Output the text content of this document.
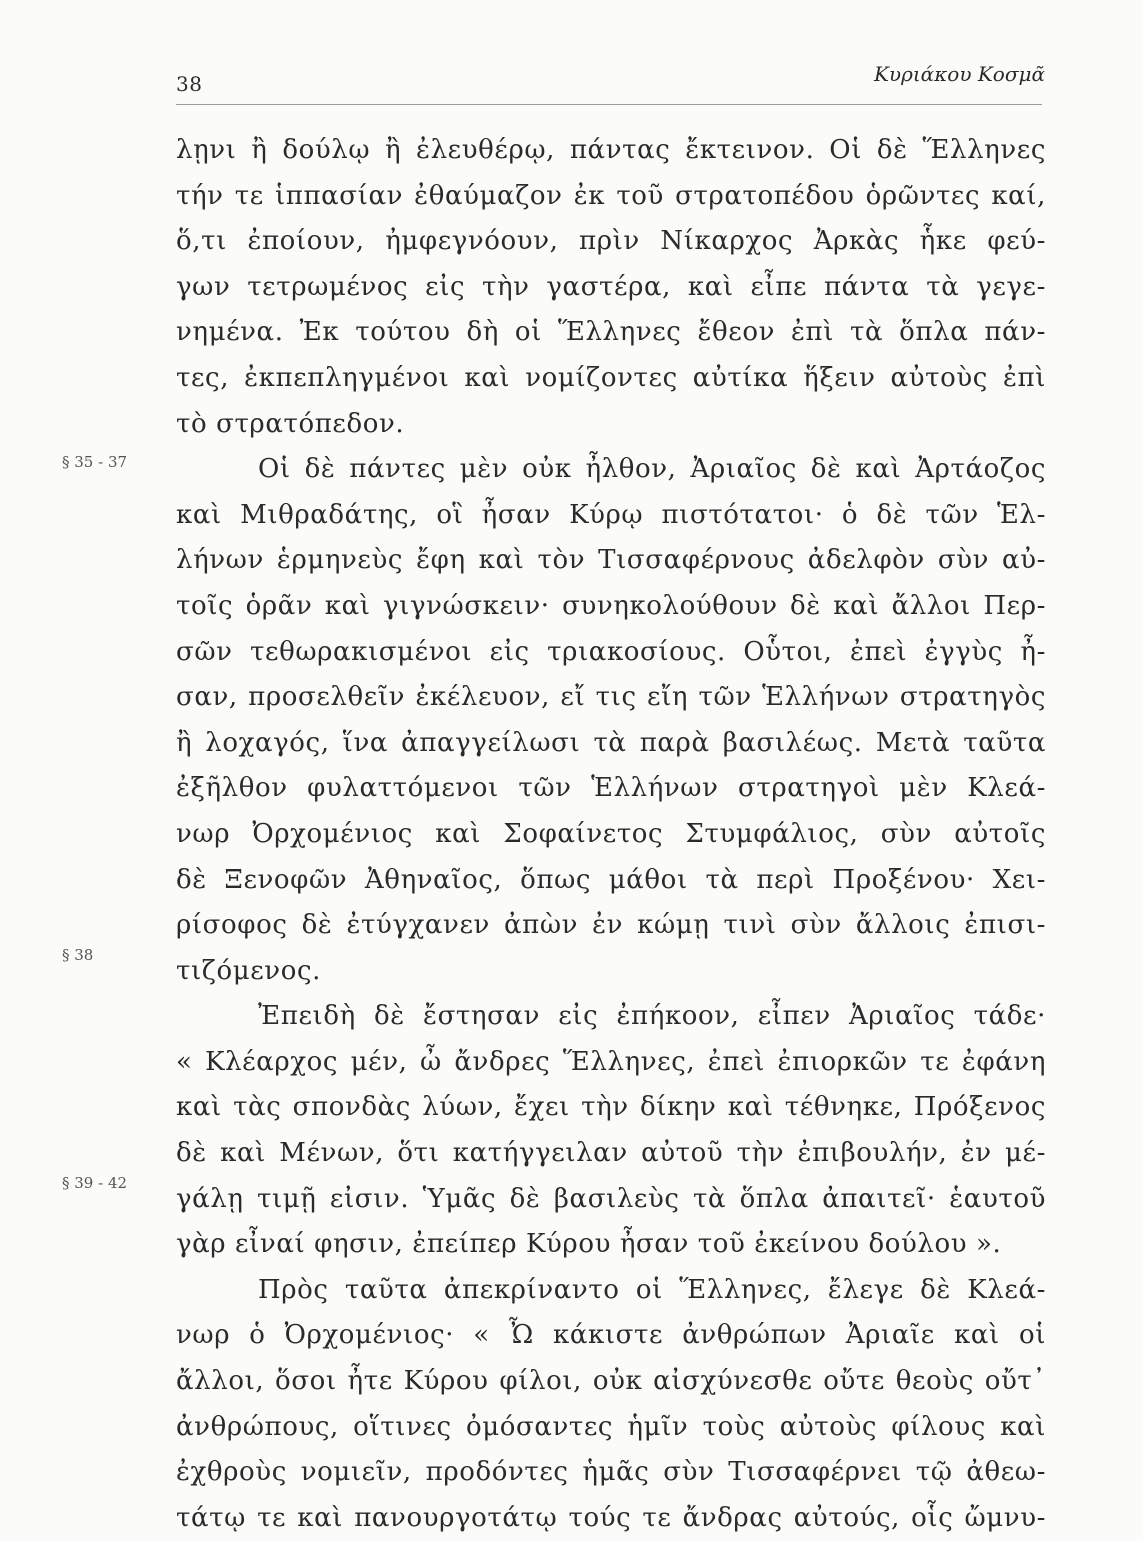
38	Κυριάκου Κοσμᾶ
§ 35 - 37
§ 38
§ 39 - 42
λῃνι ἢ δούλῳ ἢ ἐλευθέρῳ, πάντας ἔκτεινον. Οἱ δὲ Ἕλληνες
τήν τε ἱππασίαν ἐθαύμαζον ἐκ τοῦ στρατοπέδου ὁρῶντες καί,
ὅ,τι ἐποίουν, ἠμφεγνόουν, πρὶν Νίκαρχος Ἀρκὰς ἧκε φεύ-
γων τετρωμένος εἰς τὴν γαστέρα, καὶ εἶπε πάντα τὰ γεγε-
νημένα. Ἐκ τούτου δὴ οἱ Ἕλληνες ἔθεον ἐπὶ τὰ ὅπλα πάν-
τες, ἐκπεπληγμένοι καὶ νομίζοντες αὐτίκα ἥξειν αὐτοὺς ἐπὶ
τὸ στρατόπεδον.
Οἱ δὲ πάντες μὲν οὐκ ἦλθον, Ἀριαῖος δὲ καὶ Ἀρτάοζος
καὶ Μιθραδάτης, οἳ ἦσαν Κύρῳ πιστότατοι· ὁ δὲ τῶν Ἑλ-
λήνων ἑρμηνεὺς ἔφη καὶ τὸν Τισσαφέρνους ἀδελφὸν σὺν αὐ-
τοῖς ὁρᾶν καὶ γιγνώσκειν· συνηκολούθουν δὲ καὶ ἄλλοι Περ-
σῶν τεθωρακισμένοι εἰς τριακοσίους. Οὗτοι, ἐπεὶ ἐγγὺς ἦ-
σαν, προσελθεῖν ἐκέλευον, εἴ τις εἴη τῶν Ἑλλήνων στρατηγὸς
ἢ λοχαγός, ἵνα ἀπαγγείλωσι τὰ παρὰ βασιλέως. Μετὰ ταῦτα
ἐξῆλθον φυλαττόμενοι τῶν Ἑλλήνων στρατηγοὶ μὲν Κλεά-
νωρ Ὀρχομένιος καὶ Σοφαίνετος Στυμφάλιος, σὺν αὐτοῖς
δὲ Ξενοφῶν Ἀθηναῖος, ὅπως μάθοι τὰ περὶ Προξένου· Χει-
ρίσοφος δὲ ἐτύγχανεν ἀπὼν ἐν κώμῃ τινὶ σὺν ἄλλοις ἐπισι-
τιζόμενος.
Ἐπειδὴ δὲ ἔστησαν εἰς ἐπήκοον, εἶπεν Ἀριαῖος τάδε·
« Κλέαρχος μέν, ὦ ἄνδρες Ἕλληνες, ἐπεὶ ἐπιορκῶν τε ἐφάνη
καὶ τὰς σπονδὰς λύων, ἔχει τὴν δίκην καὶ τέθνηκε, Πρόξενος
δὲ καὶ Μένων, ὅτι κατήγγειλαν αὐτοῦ τὴν ἐπιβουλήν, ἐν μέ-
γάλῃ τιμῇ εἰσιν. Ὑμᾶς δὲ βασιλεὺς τὰ ὅπλα ἀπαιτεῖ· ἑαυτοῦ
γὰρ εἶναί φησιν, ἐπείπερ Κύρου ἦσαν τοῦ ἐκείνου δούλου ».
Πρὸς ταῦτα ἀπεκρίναντο οἱ Ἕλληνες, ἔλεγε δὲ Κλεά-
νωρ ὁ Ὀρχομένιος· « Ὦ κάκιστε ἀνθρώπων Ἀριαῖε καὶ οἱ
ἄλλοι, ὅσοι ἦτε Κύρου φίλοι, οὐκ αἰσχύνεσθε οὔτε θεοὺς οὔτ᾽
ἀνθρώπους, οἵτινες ὀμόσαντες ἡμῖν τοὺς αὐτοὺς φίλους καὶ
ἐχθροὺς νομιεῖν, προδόντες ἡμᾶς σὺν Τισσαφέρνει τῷ ἀθεω-
τάτῳ τε καὶ πανουργοτάτῳ τούς τε ἄνδρας αὐτούς, οἷς ὤμνυ-
